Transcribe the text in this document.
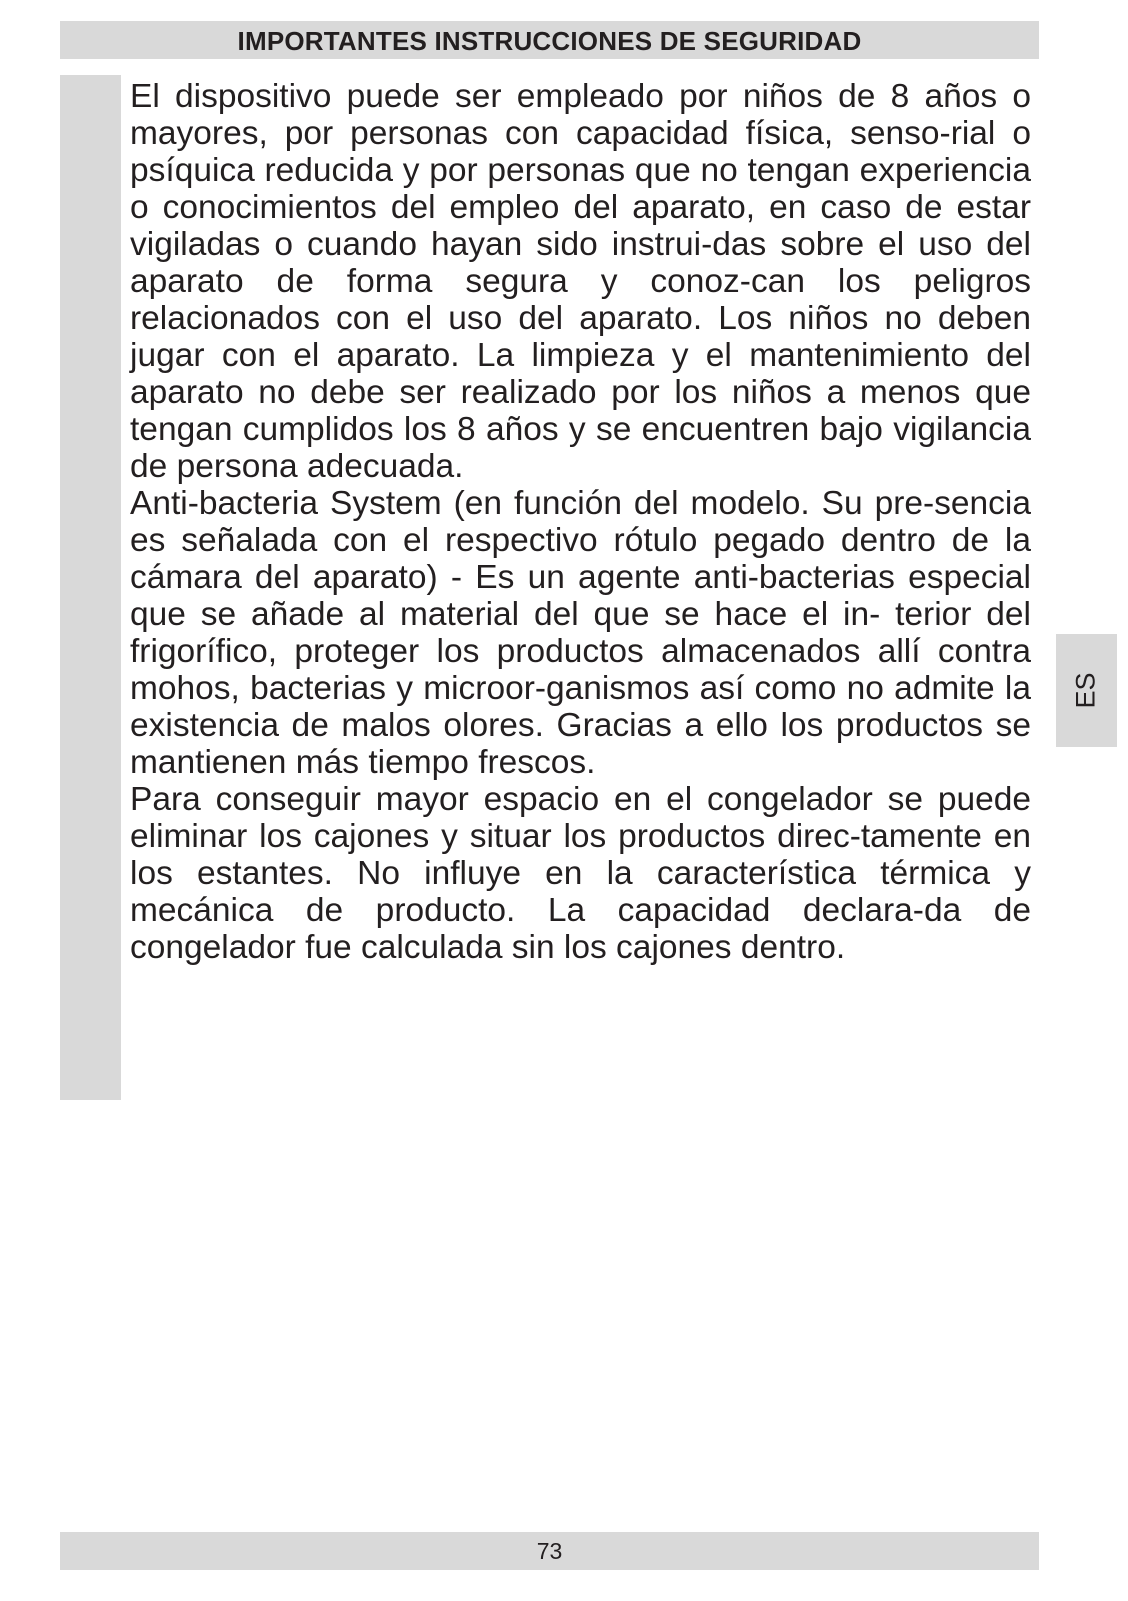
IMPORTANTES INSTRUCCIONES DE SEGURIDAD

El dispositivo puede ser empleado por niños de 8 años o mayores, por personas con capacidad física, senso-rial o psíquica reducida y por personas que no tengan experiencia o conocimientos del empleo del aparato, en caso de estar vigiladas o cuando hayan sido instrui-das sobre el uso del aparato de forma segura y conoz-can los peligros relacionados con el uso del aparato. Los niños no deben jugar con el aparato. La limpieza y el mantenimiento del aparato no debe ser realizado por los niños a menos que tengan cumplidos los 8 años y se encuentren bajo vigilancia de persona adecuada.

Anti-bacteria System (en función del modelo. Su pre-sencia es señalada con el respectivo rótulo pegado dentro de la cámara del aparato) - Es un agente anti-bacterias especial que se añade al material del que se hace el in- terior del frigorífico, proteger los productos almacenados allí contra mohos, bacterias y microor-ganismos así como no admite la existencia de malos olores. Gracias a ello los productos se mantienen más tiempo frescos.

Para conseguir mayor espacio en el congelador se puede eliminar los cajones y situar los productos direc-tamente en los estantes. No influye en la característica térmica y mecánica de producto. La capacidad declara-da de congelador fue calculada sin los cajones dentro.

ES
73
